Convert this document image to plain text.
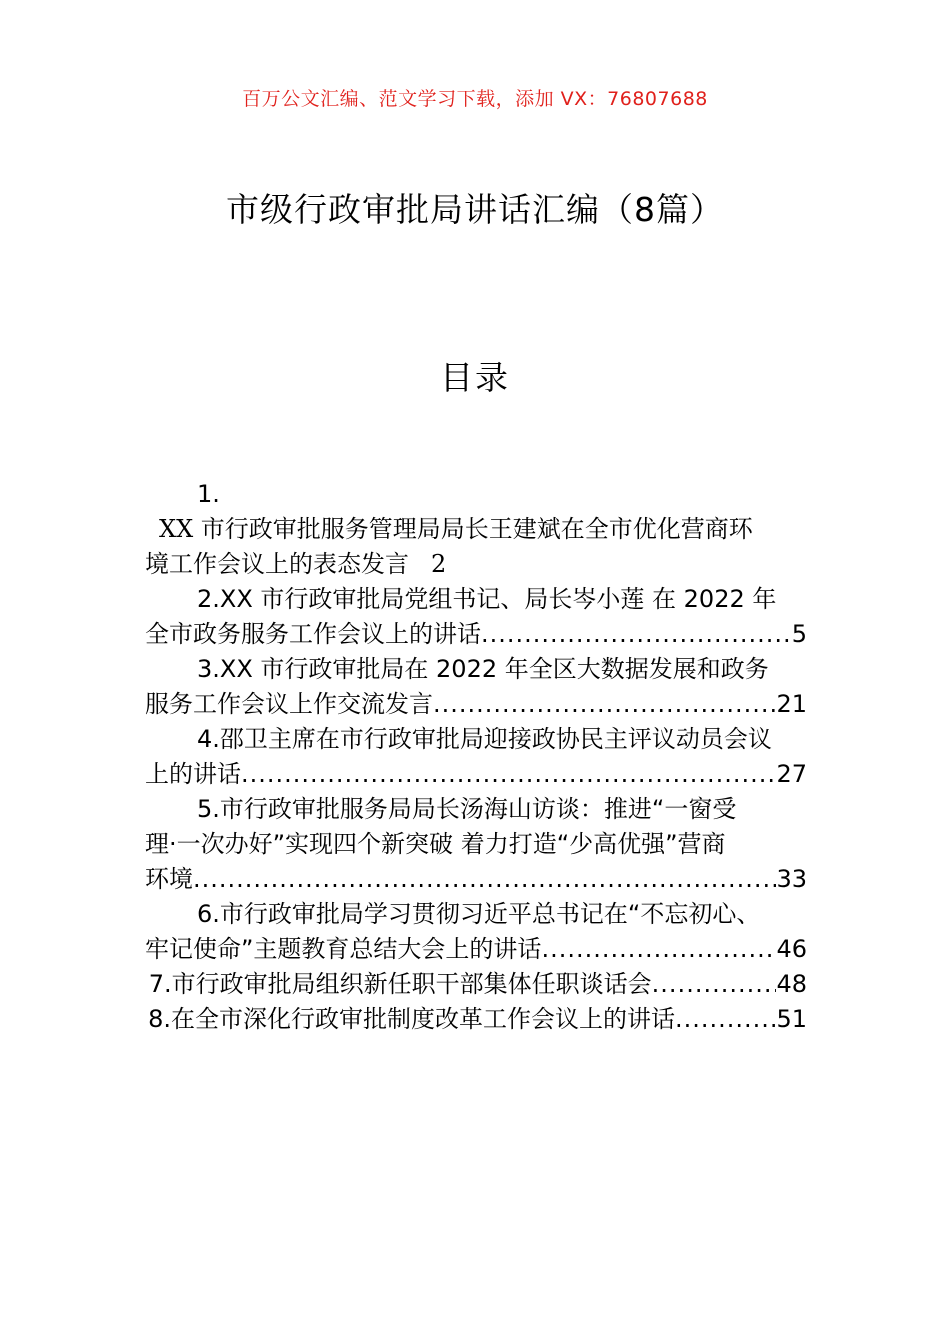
百万公文汇编、范文学习下载，添加 VX：76807688
市级行政审批局讲话汇编（8篇）
目录
1.
XX 市行政审批服务管理局局长王建斌在全市优化营商环
境工作会议上的表态发言 2
2.XX 市行政审批局党组书记、局长岑小莲 在 2022 年
全市政务服务工作会议上的讲话 .....	5
3.XX 市行政审批局在 2022 年全区大数据发展和政务
服务工作会议上作交流发言 .....	21
4.邵卫主席在市行政审批局迎接政协民主评议动员会议
上的讲话 .....	27
5.市行政审批服务局局长汤海山访谈：推进“一窗受
理·一次办好”实现四个新突破 着力打造“少高优强”营商
环境 .....	33
6.市行政审批局学习贯彻习近平总书记在“不忘初心、
牢记使命”主题教育总结大会上的讲话 .....	46
7.市行政审批局组织新任职干部集体任职谈话会 .....	48
8.在全市深化行政审批制度改革工作会议上的讲话 .....	51
